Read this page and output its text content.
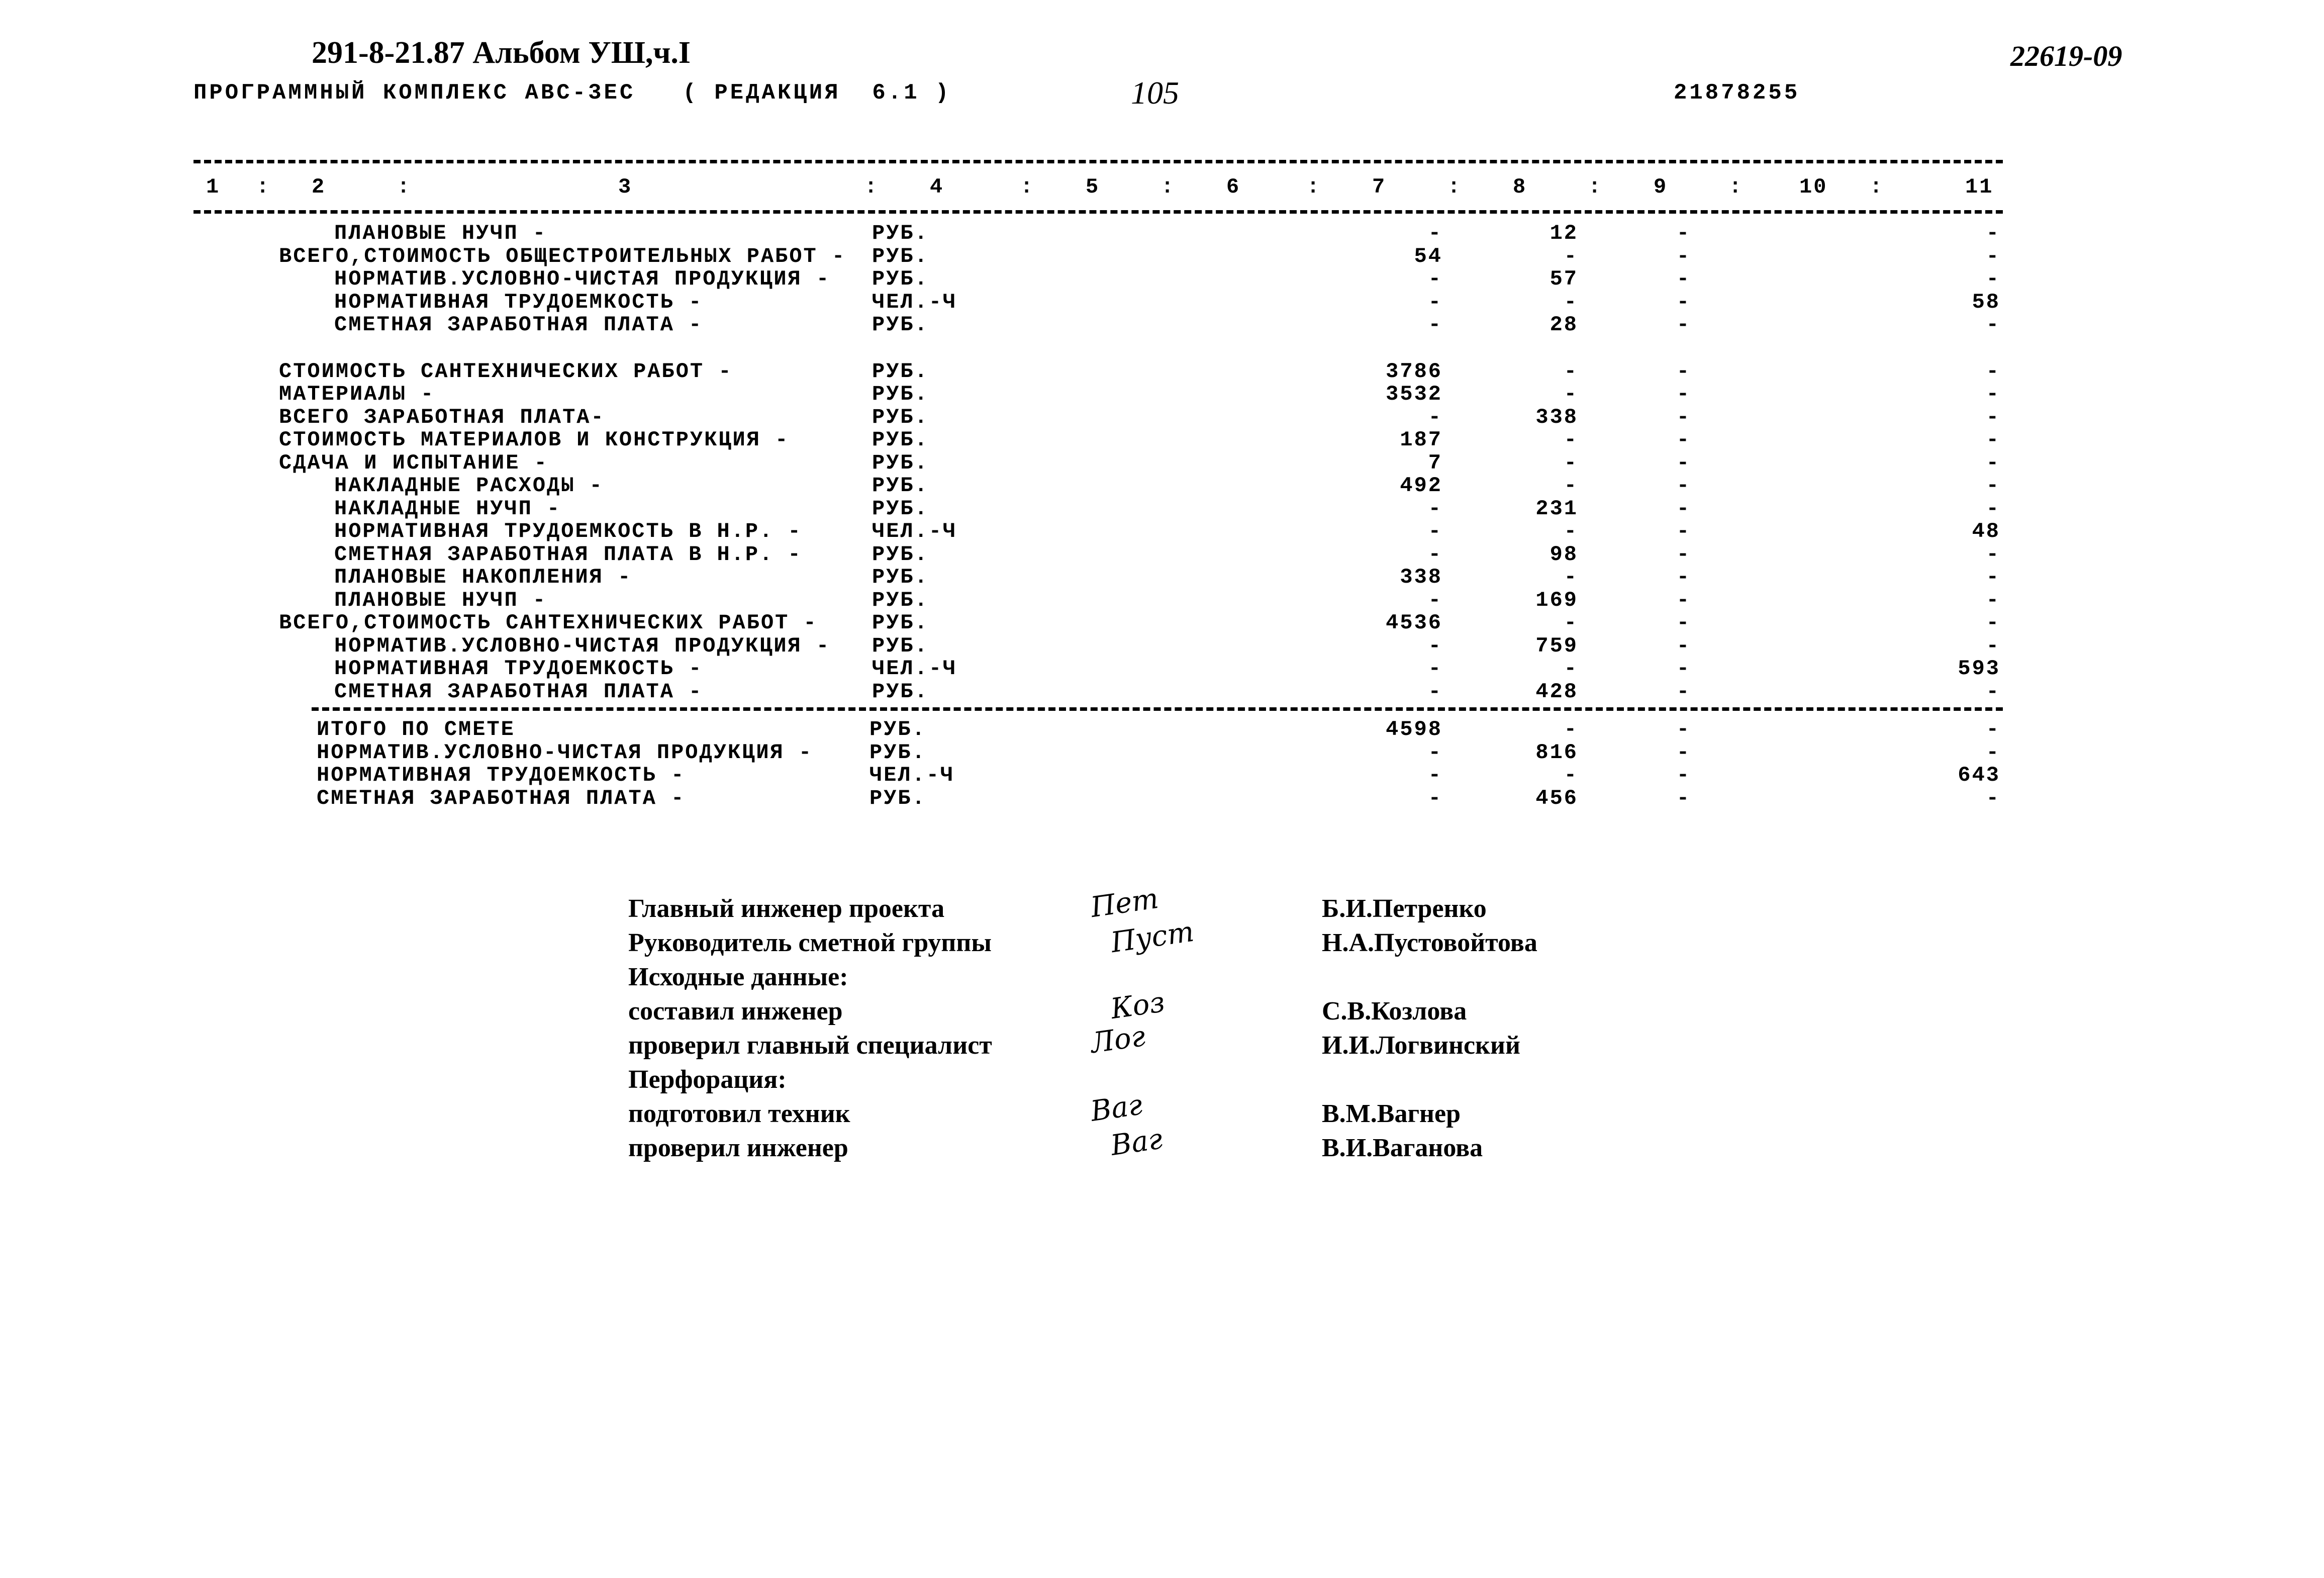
291-8-21.87 Альбом УШ,ч.I	22619-09
ПРОГРАММНЫЙ КОМПЛЕКС АВС-3ЕС   ( РЕДАКЦИЯ  6.1 )	105	21878255
1	2	3	4	5	6	7	8	9	10	11
:	:	:	:	:	:	:	:	:	:
ПЛАНОВЫЕ НУЧП -	РУБ.	-	12	-	-
ВСЕГО,СТОИМОСТЬ ОБЩЕСТРОИТЕЛЬНЫХ РАБОТ - РУБ.	54	-	-	-
НОРМАТИВ.УСЛОВНО-ЧИСТАЯ ПРОДУКЦИЯ - РУБ.	-	57	-	-
НОРМАТИВНАЯ ТРУДОЕМКОСТЬ -	ЧЕЛ.-Ч	-	-	-	58
СМЕТНАЯ ЗАРАБОТНАЯ ПЛАТА -	РУБ.	-	28	-	-
СТОИМОСТЬ САНТЕХНИЧЕСКИХ РАБОТ -	РУБ.	3786	-	-	-
МАТЕРИАЛЫ -	РУБ.	3532	-	-	-
ВСЕГО ЗАРАБОТНАЯ ПЛАТА-	РУБ.	-	338	-	-
СТОИМОСТЬ МАТЕРИАЛОВ И КОНСТРУКЦИЯ -	РУБ.	187	-	-	-
СДАЧА И ИСПЫТАНИЕ -	РУБ.	7	-	-	-
НАКЛАДНЫЕ РАСХОДЫ -	РУБ.	492	-	-	-
НАКЛАДНЫЕ НУЧП -	РУБ.	-	231	-	-
НОРМАТИВНАЯ ТРУДОЕМКОСТЬ В Н.Р. -	ЧЕЛ.-Ч	-	-	-	48
СМЕТНАЯ ЗАРАБОТНАЯ ПЛАТА В Н.Р. -	РУБ.	-	98	-	-
ПЛАНОВЫЕ НАКОПЛЕНИЯ -	РУБ.	338	-	-	-
ПЛАНОВЫЕ НУЧП -	РУБ.	-	169	-	-
ВСЕГО,СТОИМОСТЬ САНТЕХНИЧЕСКИХ РАБОТ -	РУБ.	4536	-	-	-
НОРМАТИВ.УСЛОВНО-ЧИСТАЯ ПРОДУКЦИЯ - РУБ.	-	759	-	-
НОРМАТИВНАЯ ТРУДОЕМКОСТЬ -	ЧЕЛ.-Ч	-	-	-	593
СМЕТНАЯ ЗАРАБОТНАЯ ПЛАТА -	РУБ.	-	428	-	-
ИТОГО ПО СМЕТЕ	РУБ.	4598	-	-	-
НОРМАТИВ.УСЛОВНО-ЧИСТАЯ ПРОДУКЦИЯ -	РУБ.	-	816	-	-
НОРМАТИВНАЯ ТРУДОЕМКОСТЬ -	ЧЕЛ.-Ч	-	-	-	643
СМЕТНАЯ ЗАРАБОТНАЯ ПЛАТА -	РУБ.	-	456	-	-
Главный инженер проекта	Б.И.Петренко
Пет
Руководитель сметной группы	Н.А.Пустовойтова
Пуст
Исходные данные:
составил инженер	С.В.Козлова
Коз
проверил главный специалист	И.И.Логвинский
Лог
Перфорация:
подготовил техник	В.М.Вагнер
Ваг
проверил инженер	В.И.Ваганова
Ваг
